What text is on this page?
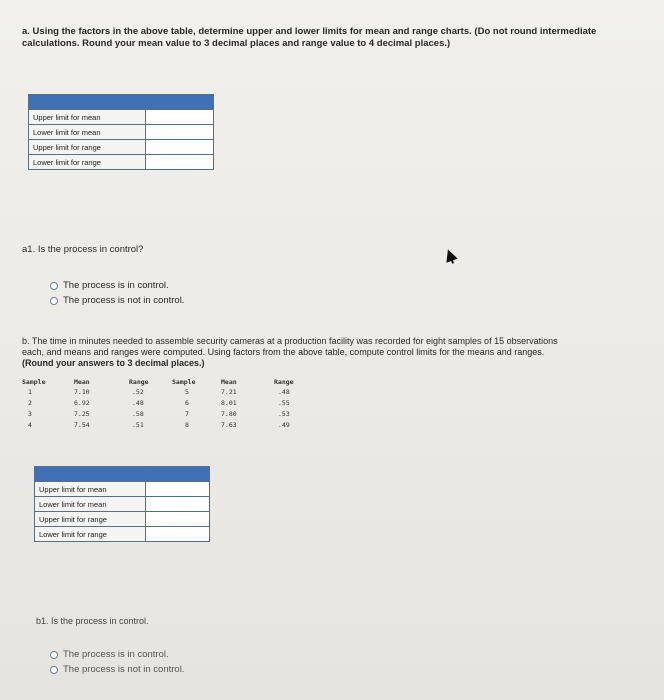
a. Using the factors in the above table, determine upper and lower limits for mean and range charts. (Do not round intermediate
calculations. Round your mean value to 3 decimal places and range value to 4 decimal places.)

Upper limit for mean	
Lower limit for mean	
Upper limit for range	
Lower limit for range	
a1. Is the process in control?
The process is in control.
The process is not in control.
b. The time in minutes needed to assemble security cameras at a production facility was recorded for eight samples of 15 observations
each, and means and ranges were computed. Using factors from the above table, compute control limits for the means and ranges.
(Round your answers to 3 decimal places.)
Sample	Mean	Range	Sample	Mean	Range
1	7.10	.52	5	7.21	.48
2	6.92	.48	6	8.01	.55
3	7.25	.58	7	7.80	.53
4	7.54	.51	8	7.63	.49

Upper limit for mean	
Lower limit for mean	
Upper limit for range	
Lower limit for range	
b1. Is the process in control.
The process is in control.
The process is not in control.
